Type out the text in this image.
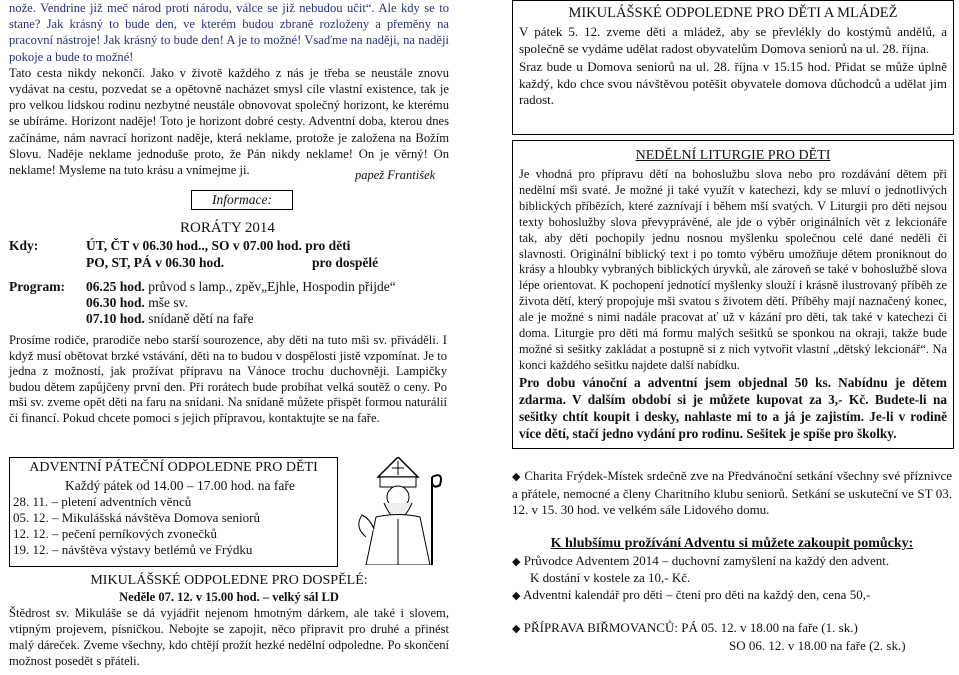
nože. Vendrine již meč národ proti národu, válce se již nebudou učit“. Ale kdy se to stane? Jak krásný to bude den, ve kterém budou zbraně rozloženy a přeměny na pracovní nástroje! Jak krásný to bude den! A je to možné! Vsaďme na naději, na naději pokoje a bude to možné!

Tato cesta nikdy nekončí. Jako v životě každého z nás je třeba se neustále znovu vydávat na cestu, pozvedat se a opětovně nacházet smysl cíle vlastní existence, tak je pro velkou lidskou rodinu nezbytné neustále obnovovat společný horizont, ke kterému se ubíráme. Horizont naděje! Toto je horizont dobré cesty. Adventní doba, kterou dnes začínáme, nám navrací horizont naděje, která neklame, protože je založena na Božím Slovu. Naděje neklame jednoduše proto, že Pán nikdy neklame! On je věrný! On neklame! Mysleme na tuto krásu a vnímejme ji.	papež František
Informace:
RORÁTY 2014
Kdy:	ÚT, ČT v 06.30 hod.., SO v 07.00 hod. pro děti
PO, ST, PÁ v 06.30 hod.	pro dospělé
Program: 06.25 hod. průvod s lamp., zpěv„Ejhle, Hospodin přijde“
06.30 hod. mše sv.
07.10 hod. snídaně dětí na faře

Prosíme rodiče, prarodiče nebo starší sourozence, aby děti na tuto mši sv. přiváděli. I když musí obětovat brzké vstávání, děti na to budou v dospělosti jistě vzpomínat. Je to jedna z možností, jak prožívat přípravu na Vánoce trochu duchovněji. Lampičky budou dětem zapůjčeny první den. Při rorátech bude probíhat velká soutěž o ceny. Po mši sv. zveme opět děti na faru na snídani. Na snídaně můžete přispět formou naturálií či financí. Pokud chcete pomoci s jejich přípravou, kontaktujte se na faře.

ADVENTNÍ PÁTEČNÍ ODPOLEDNE PRO DĚTI
Každý pátek od 14.00 – 17.00 hod. na faře
28. 11. – pletení adventních věnců
05. 12. – Mikulášská návštěva Domova seniorů
12. 12. – pečení perníkových zvonečků
19. 12. – návštěva výstavy betlémů ve Frýdku
MIKULÁŠSKÉ ODPOLEDNE PRO DOSPĚLÉ:
Neděle 07. 12. v 15.00 hod. – velký sál LD
Štědrost sv. Mikuláše se dá vyjádřit nejenom hmotným dárkem, ale také i slovem, vtipným projevem, písničkou. Nebojte se zapojit, něco připravit pro druhé a přinést malý dáreček. Zveme všechny, kdo chtějí prožít hezké nedělní odpoledne. Po skončení možnost posedět s přáteli.
MIKULÁŠSKÉ ODPOLEDNE PRO DĚTI A MLÁDEŽ
V pátek 5. 12. zveme děti a mládež, aby se převlékly do kostýmů andělů, a společně se vydáme udělat radost obyvatelům Domova seniorů na ul. 28. října.
Sraz bude u Domova seniorů na ul. 28. října v 15.15 hod. Přidat se může úplně každý, kdo chce svou návštěvou potěšit obyvatele domova důchodců a udělat jim radost.
NEDĚLNÍ LITURGIE PRO DĚTI
Je vhodná pro přípravu dětí na bohoslužbu slova nebo pro rozdávání dětem při nedělní mši svaté. Je možné ji také využít v katechezi, kdy se mluví o jednotlivých biblických příbězích, které zaznívají i během mší svatých. V Liturgii pro děti nejsou texty bohoslužby slova převyprávěné, ale jde o výběr originálních vět z lekcionáře tak, aby děti pochopily jednu nosnou myšlenku společnou celé dané neděli či slavnosti. Originální biblický text i po tomto výběru umožňuje dětem proniknout do krásy a hloubky vybraných biblických úryvků, ale zároveň se také v bohoslužbě slova lépe orientovat. K pochopení jednotící myšlenky slouží i krásně ilustrovaný příběh ze života dětí, který propojuje mši svatou s životem dětí. Příběhy mají naznačený konec, ale je možné s nimi nadále pracovat ať už v kázání pro děti, tak také v katechezi či doma. Liturgie pro děti má formu malých sešitků se sponkou na okraji, takže bude možné si sešitky zakládat a postupně si z nich vytvořit vlastní „dětský lekcionář“. Na konci každého sešitku najdete další nabídku.
Pro dobu vánoční a adventní jsem objednal 50 ks. Nabídnu je dětem zdarma. V dalším období si je můžete kupovat za 3,- Kč. Budete-li na sešitky chtít koupit i desky, nahlaste mi to a já je zajistím. Je-li v rodině více dětí, stačí jedno vydání pro rodinu. Sešitek je spíše pro školky.
◆ Charita Frýdek-Místek srdečně zve na Předvánoční setkání všechny své příznivce a přátele, nemocné a členy Charitního klubu seniorů. Setkání se uskuteční ve ST 03. 12. v 15. 30 hod. ve velkém sále Lidového domu.
K hlubšímu prožívání Adventu si můžete zakoupit pomůcky:
◆ Průvodce Adventem 2014 – duchovní zamyšlení na každý den advent.
K dostání v kostele za 10,- Kč.
◆ Adventní kalendář pro děti – čtení pro děti na každý den, cena 50,-
◆ PŘÍPRAVA BIŘMOVANCŮ: PÁ 05. 12. v 18.00 na faře (1. sk.)
SO 06. 12. v 18.00 na faře (2. sk.)
